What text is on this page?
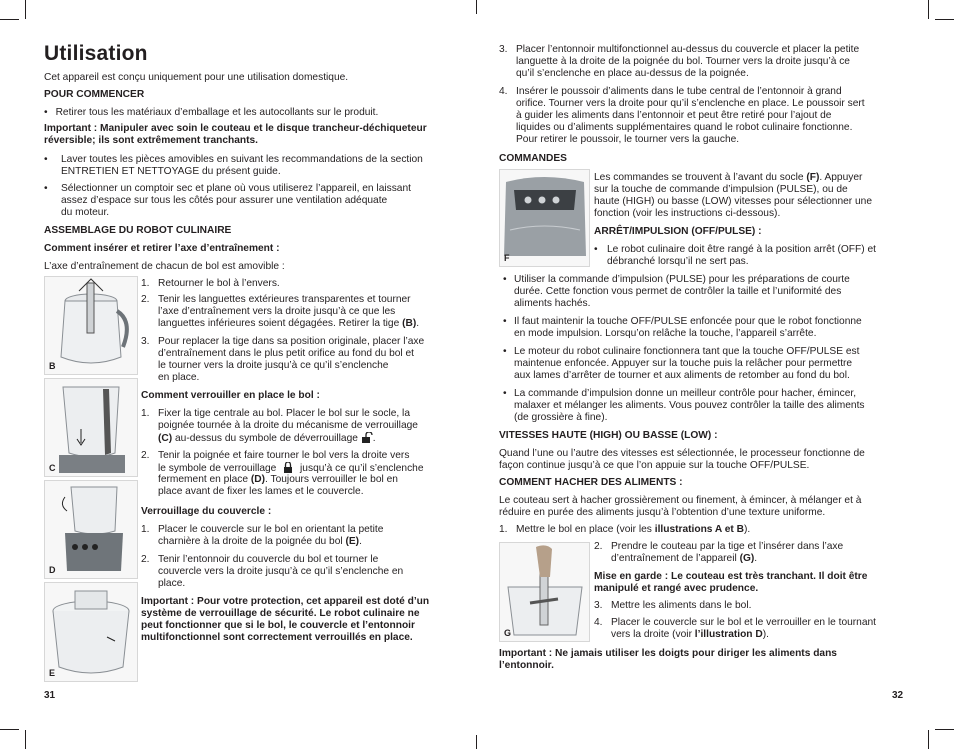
Utilisation

Cet appareil est conçu uniquement pour une utilisation domestique.

POUR COMMENCER

• Retirer tous les matériaux d’emballage et les autocollants sur le produit.

Important : Manipuler avec soin le couteau et le disque trancheur-déchiqueteur réversible; ils sont extrêmement tranchants.

• Laver toutes les pièces amovibles en suivant les recommandations de la section

ENTRETIEN ET NETTOYAGE du présent guide.

• Sélectionner un comptoir sec et plane où vous utiliserez l’appareil, en laissant

assez d’espace sur tous les côtés pour assurer une ventilation adéquate

du moteur.

ASSEMBLAGE DU ROBOT CULINAIRE

Comment insérer et retirer l’axe d’entraînement :

L’axe d’entraînement de chacun de bol est amovible :

B
C
D
E
1. Retourner le bol à l’envers.

2. Tenir les languettes extérieures transparentes et tourner

l’axe d’entraînement vers la droite jusqu’à ce que les

languettes inférieures soient dégagées. Retirer la tige (B).

3. Pour replacer la tige dans sa position originale, placer l’axe

d’entraînement dans le plus petit orifice au fond du bol et

le tourner vers la droite jusqu’à ce qu’il s’enclenche

en place.

Comment verrouiller en place le bol :

1. Fixer la tige centrale au bol. Placer le bol sur le socle, la

poignée tournée à la droite du mécanisme de verrouillage

(C) au-dessus du symbole de déverrouillage .

2. Tenir la poignée et faire tourner le bol vers la droite vers

le symbole de verrouillage jusqu’à ce qu’il s’enclenche

fermement en place (D). Toujours verrouiller le bol en

place avant de fixer les lames et le couvercle.

Verrouillage du couvercle :

1. Placer le couvercle sur le bol en orientant la petite

charnière à la droite de la poignée du bol (E).

2. Tenir l’entonnoir du couvercle du bol et tourner le

couvercle vers la droite jusqu’à ce qu’il s’enclenche en

place.

Important : Pour votre protection, cet appareil est doté d’un

système de verrouillage de sécurité. Le robot culinaire ne

peut fonctionner que si le bol, le couvercle et l’entonnoir

multifonctionnel sont correctement verrouillés en place.

31
3. Placer l’entonnoir multifonctionnel au-dessus du couvercle et placer la petite

languette à la droite de la poignée du bol. Tourner vers la droite jusqu’à ce

qu’il s’enclenche en place au-dessus de la poignée.

4. Insérer le poussoir d’aliments dans le tube central de l’entonnoir à grand

orifice. Tourner vers la droite pour qu’il s’enclenche en place. Le poussoir sert

à guider les aliments dans l’entonnoir et peut être retiré pour l’ajout de

liquides ou d’aliments supplémentaires quand le robot culinaire fonctionne.

Pour retirer le poussoir, le tourner vers la gauche.

COMMANDES

F

Les commandes se trouvent à l’avant du socle (F). Appuyer

sur la touche de commande d’impulsion (PULSE), ou de

haute (HIGH) ou basse (LOW) vitesses pour sélectionner une

fonction (voir les instructions ci-dessous).

ARRÊT/IMPULSION (OFF/PULSE) :

• Le robot culinaire doit être rangé à la position arrêt (OFF) et

débranché lorsqu’il ne sert pas.

• Utiliser la commande d’impulsion (PULSE) pour les préparations de courte

durée. Cette fonction vous permet de contrôler la taille et l’uniformité des

aliments hachés.

• Il faut maintenir la touche OFF/PULSE enfoncée pour que le robot fonctionne

en mode impulsion. Lorsqu’on relâche la touche, l’appareil s’arrête.

• Le moteur du robot culinaire fonctionnera tant que la touche OFF/PULSE est

maintenue enfoncée. Appuyer sur la touche puis la relâcher pour permettre

aux lames d’arrêter de tourner et aux aliments de retomber au fond du bol.

• La commande d’impulsion donne un meilleur contrôle pour hacher, émincer,

malaxer et mélanger les aliments. Vous pouvez contrôler la taille des aliments

(de grossière à fine).

VITESSES HAUTE (HIGH) OU BASSE (LOW) :

Quand l’une ou l’autre des vitesses est sélectionnée, le processeur fonctionne de

façon continue jusqu’à ce que l’on appuie sur la touche OFF/PULSE.

COMMENT HACHER DES ALIMENTS :

Le couteau sert à hacher grossièrement ou finement, à émincer, à mélanger et à

réduire en purée des aliments jusqu’à l’obtention d’une texture uniforme.

1. Mettre le bol en place (voir les illustrations A et B).

G
2. Prendre le couteau par la tige et l’insérer dans l’axe

d’entraînement de l’appareil (G).

Mise en garde : Le couteau est très tranchant. Il doit être

manipulé et rangé avec prudence.

3. Mettre les aliments dans le bol.

4. Placer le couvercle sur le bol et le verrouiller en le tournant

vers la droite (voir l’illustration D).

Important : Ne jamais utiliser les doigts pour diriger les aliments dans

l’entonnoir.

32
